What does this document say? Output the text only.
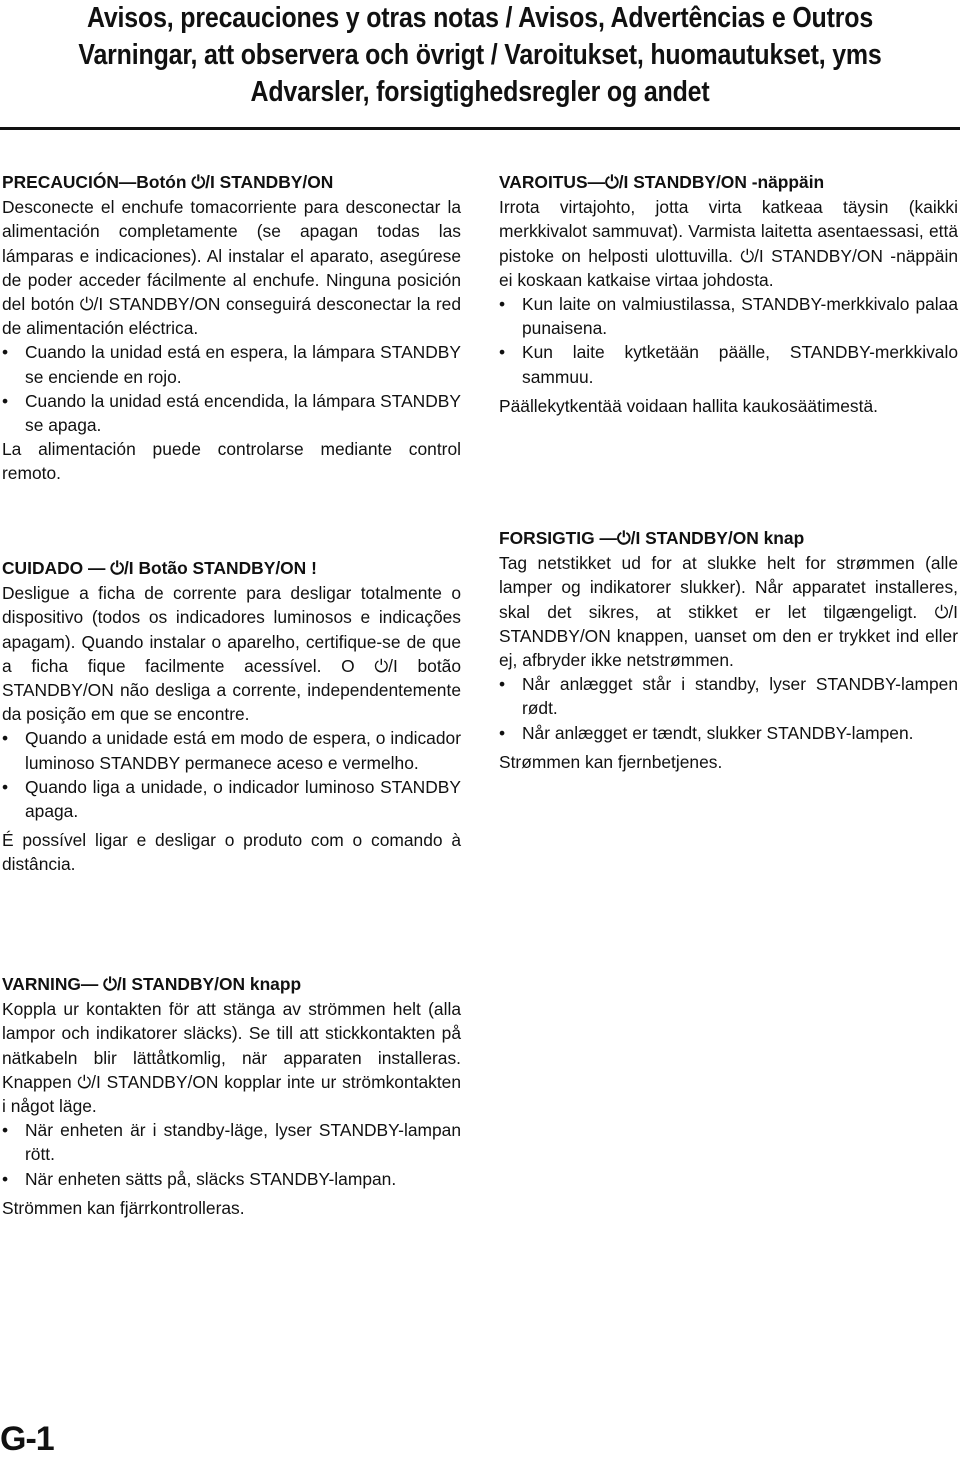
Avisos, precauciones y otras notas / Avisos, Advertências e Outros
Varningar, att observera och övrigt / Varoitukset, huomautukset, yms
Advarsler, forsigtighedsregler og andet

PRECAUCIÓN—Botón ⏻/I STANDBY/ON

Desconecte el enchufe tomacorriente para desconectar la alimentación completamente (se apagan todas las lámparas e indicaciones). Al instalar el aparato, asegúrese de poder acceder fácilmente al enchufe. Ninguna posición del botón ⏻/I STANDBY/ON conseguirá desconectar la red de alimentación eléctrica.

• Cuando la unidad está en espera, la lámpara STANDBY se enciende en rojo.
• Cuando la unidad está encendida, la lámpara STANDBY se apaga.

La alimentación puede controlarse mediante control remoto.

CUIDADO — ⏻/I Botão STANDBY/ON !

Desligue a ficha de corrente para desligar totalmente o dispositivo (todos os indicadores luminosos e indicações apagam). Quando instalar o aparelho, certifique-se de que a ficha fique facilmente acessível. O ⏻/I botão STANDBY/ON não desliga a corrente, independentemente da posição em que se encontre.

• Quando a unidade está em modo de espera, o indicador luminoso STANDBY permanece aceso e vermelho.
• Quando liga a unidade, o indicador luminoso STANDBY apaga.

É possível ligar e desligar o produto com o comando à distância.

VARNING— ⏻/I STANDBY/ON knapp

Koppla ur kontakten för att stänga av strömmen helt (alla lampor och indikatorer släcks). Se till att stickkontakten på nätkabeln blir lättåtkomlig, när apparaten installeras. Knappen ⏻/I STANDBY/ON kopplar inte ur strömkontakten i något läge.

• När enheten är i standby-läge, lyser STANDBY-lampan rött.
• När enheten sätts på, släcks STANDBY-lampan.

Strömmen kan fjärrkontrolleras.

VAROITUS—⏻/I STANDBY/ON -näppäin

Irrota virtajohto, jotta virta katkeaa täysin (kaikki merkkivalot sammuvat). Varmista laitetta asentaessasi, että pistoke on helposti ulottuvilla. ⏻/I STANDBY/ON -näppäin ei koskaan katkaise virtaa johdosta.

• Kun laite on valmiustilassa, STANDBY-merkkivalo palaa punaisena.
• Kun laite kytketään päälle, STANDBY-merkkivalo sammuu.

Päällekytkentää voidaan hallita kaukosäätimestä.

FORSIGTIG —⏻/I STANDBY/ON knap

Tag netstikket ud for at slukke helt for strømmen (alle lamper og indikatorer slukker). Når apparatet installeres, skal det sikres, at stikket er let tilgængeligt. ⏻/I STANDBY/ON knappen, uanset om den er trykket ind eller ej, afbryder ikke netstrømmen.

• Når anlægget står i standby, lyser STANDBY-lampen rødt.
• Når anlægget er tændt, slukker STANDBY-lampen.

Strømmen kan fjernbetjenes.

G-1
